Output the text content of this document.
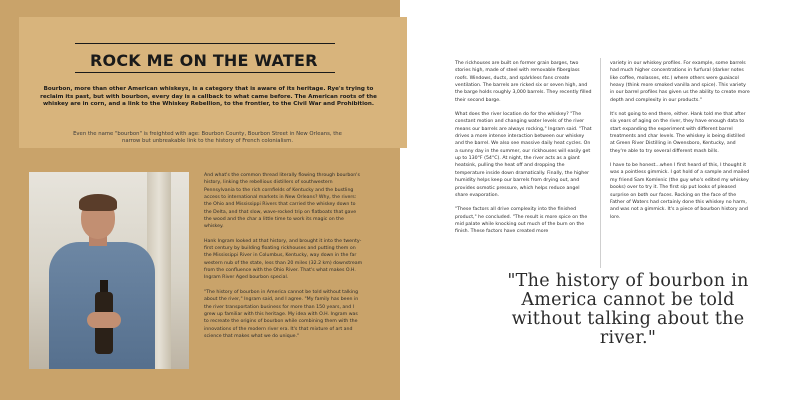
ROCK ME ON THE WATER
Bourbon, more than other American whiskeys, is a category that is aware of its heritage. Rye's trying to reclaim its past, but with bourbon, every day is a callback to what came before. The American roots of the whiskey are in corn, and a link to the Whiskey Rebellion, to the frontier, to the Civil War and Prohibition.
Even the name "bourbon" is freighted with age: Bourbon County, Bourbon Street in New Orleans, the narrow but unbreakable link to the history of French colonialism.

And what's the common thread literally flowing through bourbon's history, linking the rebellious distillers of southwestern Pennsylvania to the rich cornfields of Kentucky and the bustling access to international markets in New Orleans? Why, the rivers: the Ohio and Mississippi Rivers that carried the whiskey down to the Delta, and that slow, wave-rocked trip on flatboats that gave the wood and the char a little time to work its magic on the whiskey.

Hank Ingram looked at that history, and brought it into the twenty-first century by building floating rickhouses and putting them on the Mississippi River in Columbus, Kentucky, way down in the far western nub of the state, less than 20 miles (32.2 km) downstream from the confluence with the Ohio River. That's what makes O.H. Ingram River Aged bourbon special.

"The history of bourbon in America cannot be told without talking about the river," Ingram said, and I agree. "My family has been in the river transportation business for more than 150 years, and I grew up familiar with this heritage. My idea with O.H. Ingram was to recreate the origins of bourbon while combining them with the innovations of the modern river era. It's that mixture of art and science that makes what we do unique."

The rickhouses are built on former grain barges, two stories high, made of steel with removable fiberglass roofs. Windows, ducts, and spárkless fans create ventilation. The barrels are ricked six or seven high, and the barge holds roughly 3,000 barrels. They recently filled their second barge.

What does the river location do for the whiskey? "The constant motion and changing water levels of the river means our barrels are always rocking," Ingram said. "That drives a more intense interaction between our whiskey and the barrel. We also see massive daily heat cycles. On a sunny day in the summer, our rickhouses will easily get up to 130°F (54°C). At night, the river acts as a giant heatsink, pulling the heat off and dropping the temperature inside down dramatically. Finally, the higher humidity helps keep our barrels from drying out, and provides osmotic pressure, which helps reduce angel share evaporation.

"These factors all drive complexity into the finished product," he concluded. "The result is more spice on the mid palate while knocking out much of the burn on the finish. These factors have created more

variety in our whiskey profiles. For example, some barrels had much higher concentrations in furfural (darker notes like coffee, molasses, etc.) where others were guaiacol heavy (think more smoked vanilla and spice). This variety in our barrel profiles has given us the ability to create more depth and complexity in our products."

It's not going to end there, either. Hank told me that after six years of aging on the river, they have enough data to start expanding the experiment with different barrel treatments and char levels. The whiskey is being distilled at Green River Distilling in Owensboro, Kentucky, and they're able to try several different mash bills.

I have to be honest...when I first heard of this, I thought it was a pointless gimmick. I got hold of a sample and mailed my friend Sam Komlenic (the guy who's edited my whiskey books) over to try it. The first sip put looks of pleased surprise on both our faces. Rocking on the face of the Father of Waters had certainly done this whiskey no harm, and was not a gimmick. It's a piece of bourbon history and lore.

"The history of bourbon in America cannot be told without talking about the river."
